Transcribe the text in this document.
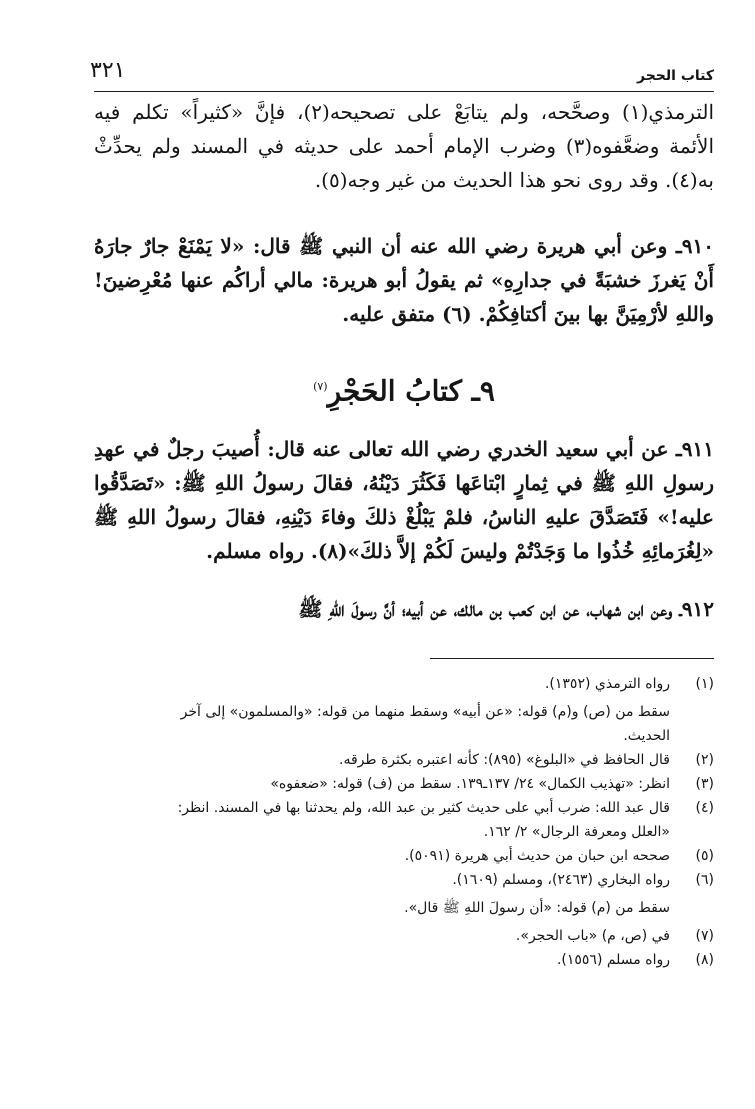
كتاب الحجر
٣٢١
الترمذي(١) وصحَّحه، ولم يتابَعْ على تصحيحه(٢)، فإنَّ «كثيراً» تكلم فيه الأئمة وضعَّفوه(٣) وضرب الإمام أحمد على حديثه في المسند ولم يحدِّثْ به(٤). وقد روى نحو هذا الحديث من غير وجه(٥).
٩١٠ـ وعن أبي هريرة رضي الله عنه أن النبي ﷺ قال: «لا يَمْنَعْ جارٌ جارَهُ أَنْ يَغرزَ خشبَةً في جدارِهِ» ثم يقولُ أبو هريرة: مالي أراكُم عنها مُعْرِضينَ! واللهِ لأرْمِيَنَّ بها بينَ أكتافِكُمْ. (٦) متفق عليه.
٩ـ كتابُ الحَجْرِ$^{(٧)}$
٩١١ـ عن أبي سعيد الخدري رضي الله تعالى عنه قال: أُصيبَ رجلٌ في عهدِ رسولِ اللهِ ﷺ في ثِمارٍ ابْتاعَها فَكَثُرَ دَيْنُهُ، فقالَ رسولُ اللهِ ﷺ: «تَصَدَّقُوا عليه!» فَتَصَدَّقَ عليهِ الناسُ، فلمْ يَبْلُغْ ذلكَ وفاءَ دَيْنِهِ، فقالَ رسولُ اللهِ ﷺ «لِغُرَمائِهِ خُذُوا ما وَجَدْتُمْ وليسَ لَكُمْ إلاَّ ذلكَ»(٨). رواه مسلم.
٩١٢ـ وعن ابن شهاب، عن ابن كعب بن مالك، عن أبيه؛ أنَّ رسولَ اللهِ ﷺ
(١)
رواه الترمذي (١٣٥٢).
سقط من (ص) و(م) قوله: «عن أبيه» وسقط منهما من قوله: «والمسلمون» إلى آخر
الحديث.
(٢)
قال الحافظ في «البلوغ» (٨٩٥): كأنه اعتبره بكثرة طرقه.
(٣)
انظر: «تهذيب الكمال» ٢٤/ ١٣٧ـ١٣٩. سقط من (ف) قوله: «ضعفوه»
(٤)
قال عبد الله: ضرب أبي على حديث كثير بن عبد الله، ولم يحدثنا بها في المسند. انظر:
«العلل ومعرفة الرجال» ٢/ ١٦٢.
(٥)
صححه ابن حبان من حديث أبي هريرة (٥٠٩١).
(٦)
رواه البخاري (٢٤٦٣)، ومسلم (١٦٠٩).
سقط من (م) قوله: «أن رسولَ اللهِ ﷺ قال».
(٧)
في (ص، م) «باب الحجر».
(٨)
رواه مسلم (١٥٥٦).
